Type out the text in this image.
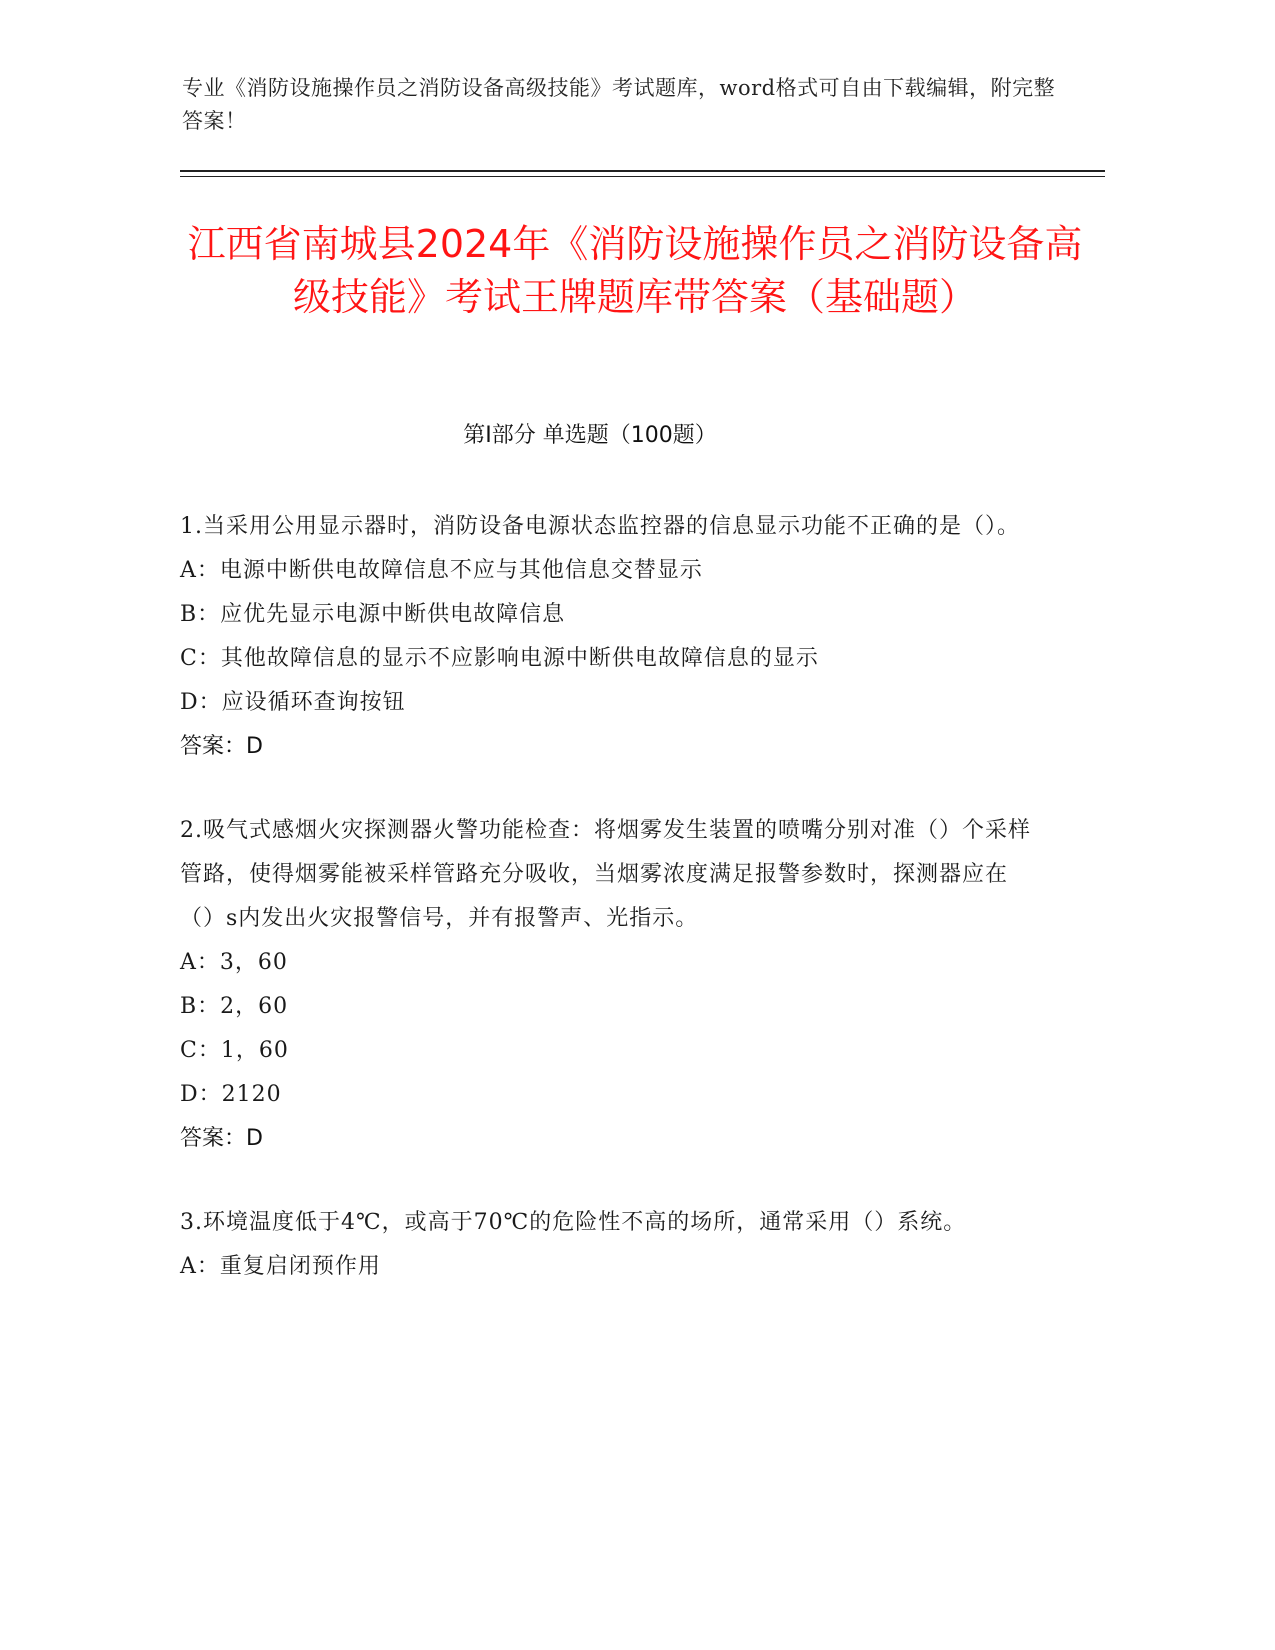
专业《消防设施操作员之消防设备高级技能》考试题库，word格式可自由下载编辑，附完整答案！
江西省南城县2024年《消防设施操作员之消防设备高级技能》考试王牌题库带答案（基础题）
第Ⅰ部分 单选题（100题）
1.当采用公用显示器时，消防设备电源状态监控器的信息显示功能不正确的是（）。
A：电源中断供电故障信息不应与其他信息交替显示
B：应优先显示电源中断供电故障信息
C：其他故障信息的显示不应影响电源中断供电故障信息的显示
D：应设循环查询按钮
答案：D
2.吸气式感烟火灾探测器火警功能检查：将烟雾发生装置的喷嘴分别对准（）个采样管路，使得烟雾能被采样管路充分吸收，当烟雾浓度满足报警参数时，探测器应在（）s内发出火灾报警信号，并有报警声、光指示。
A：3，60
B：2，60
C：1，60
D：2120
答案：D
3.环境温度低于4℃，或高于70℃的危险性不高的场所，通常采用（）系统。
A：重复启闭预作用
